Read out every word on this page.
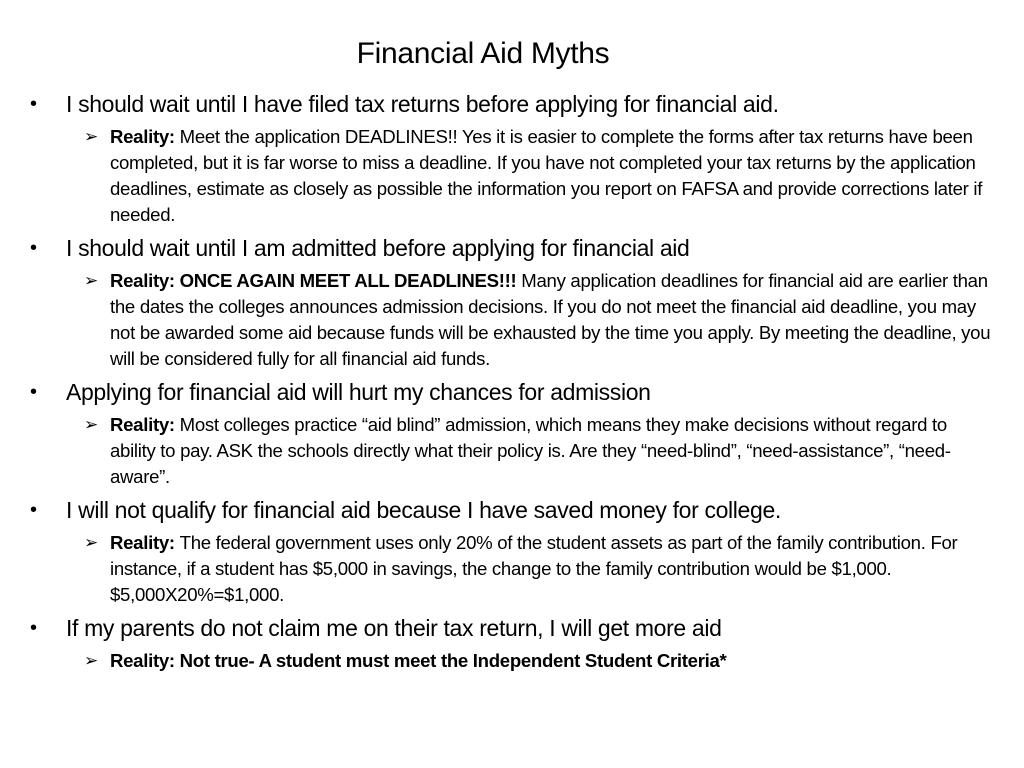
Financial Aid Myths
• I should wait until I have filed tax returns before applying for financial aid.
➢ Reality: Meet the application DEADLINES!! Yes it is easier to complete the forms after tax returns have been completed, but it is far worse to miss a deadline. If you have not completed your tax returns by the application deadlines, estimate as closely as possible the information you report on FAFSA and provide corrections later if needed.
• I should wait until I am admitted before applying for financial aid
➢ Reality: ONCE AGAIN MEET ALL DEADLINES!!! Many application deadlines for financial aid are earlier than the dates the colleges announces admission decisions. If you do not meet the financial aid deadline, you may not be awarded some aid because funds will be exhausted by the time you apply. By meeting the deadline, you will be considered fully for all financial aid funds.
• Applying for financial aid will hurt my chances for admission
➢ Reality: Most colleges practice “aid blind” admission, which means they make decisions without regard to ability to pay. ASK the schools directly what their policy is. Are they “need-blind”, “need-assistance”, “need-aware”.
• I will not qualify for financial aid because I have saved money for college.
➢ Reality: The federal government uses only 20% of the student assets as part of the family contribution. For instance, if a student has $5,000 in savings, the change to the family contribution would be $1,000. $5,000X20%=$1,000.
• If my parents do not claim me on their tax return, I will get more aid
➢ Reality: Not true- A student must meet the Independent Student Criteria*
